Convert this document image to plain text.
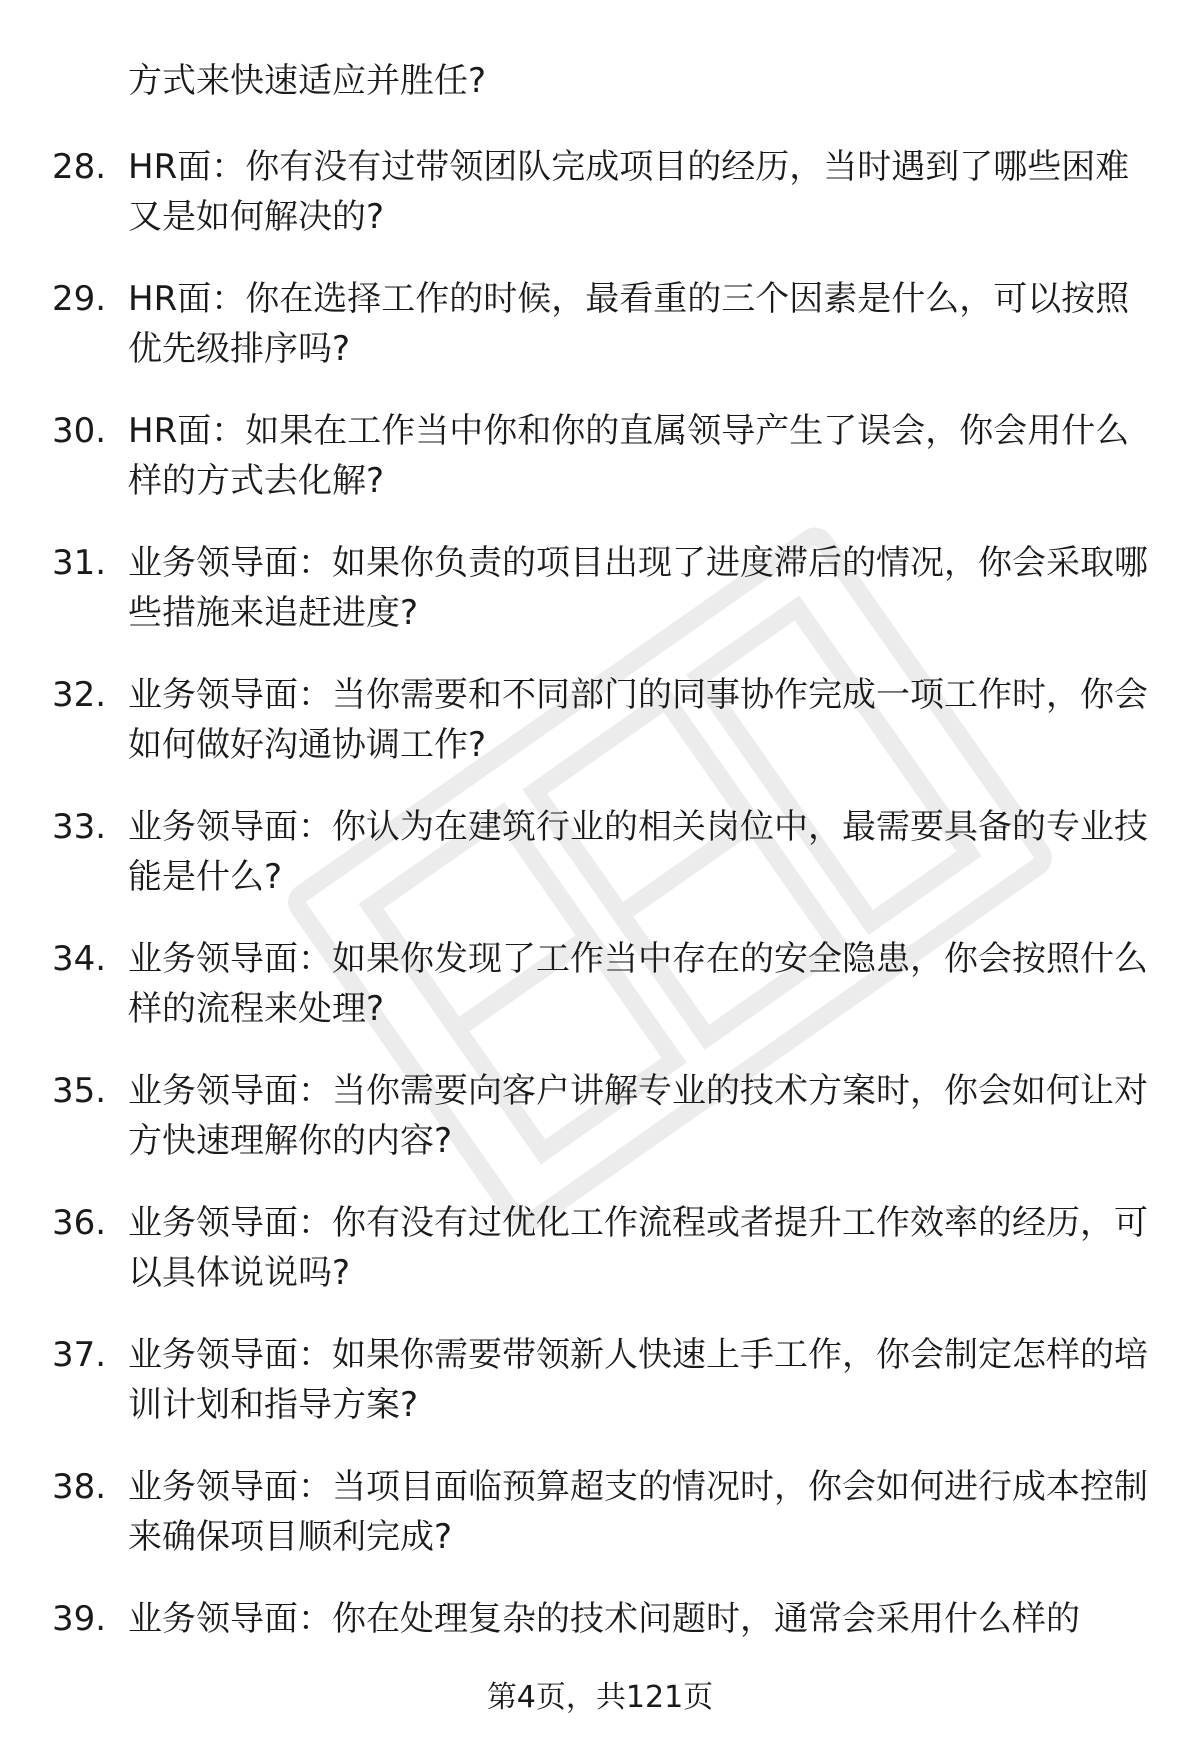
方式来快速适应并胜任?
28. HR面：你有没有过带领团队完成项目的经历，当时遇到了哪些困难又是如何解决的?
29. HR面：你在选择工作的时候，最看重的三个因素是什么，可以按照优先级排序吗?
30. HR面：如果在工作当中你和你的直属领导产生了误会，你会用什么样的方式去化解?
31. 业务领导面：如果你负责的项目出现了进度滞后的情况，你会采取哪些措施来追赶进度?
32. 业务领导面：当你需要和不同部门的同事协作完成一项工作时，你会如何做好沟通协调工作?
33. 业务领导面：你认为在建筑行业的相关岗位中，最需要具备的专业技能是什么?
34. 业务领导面：如果你发现了工作当中存在的安全隐患，你会按照什么样的流程来处理?
35. 业务领导面：当你需要向客户讲解专业的技术方案时，你会如何让对方快速理解你的内容?
36. 业务领导面：你有没有过优化工作流程或者提升工作效率的经历，可以具体说说吗?
37. 业务领导面：如果你需要带领新人快速上手工作，你会制定怎样的培训计划和指导方案?
38. 业务领导面：当项目面临预算超支的情况时，你会如何进行成本控制来确保项目顺利完成?
39. 业务领导面：你在处理复杂的技术问题时，通常会采用什么样的
第4页，共121页
